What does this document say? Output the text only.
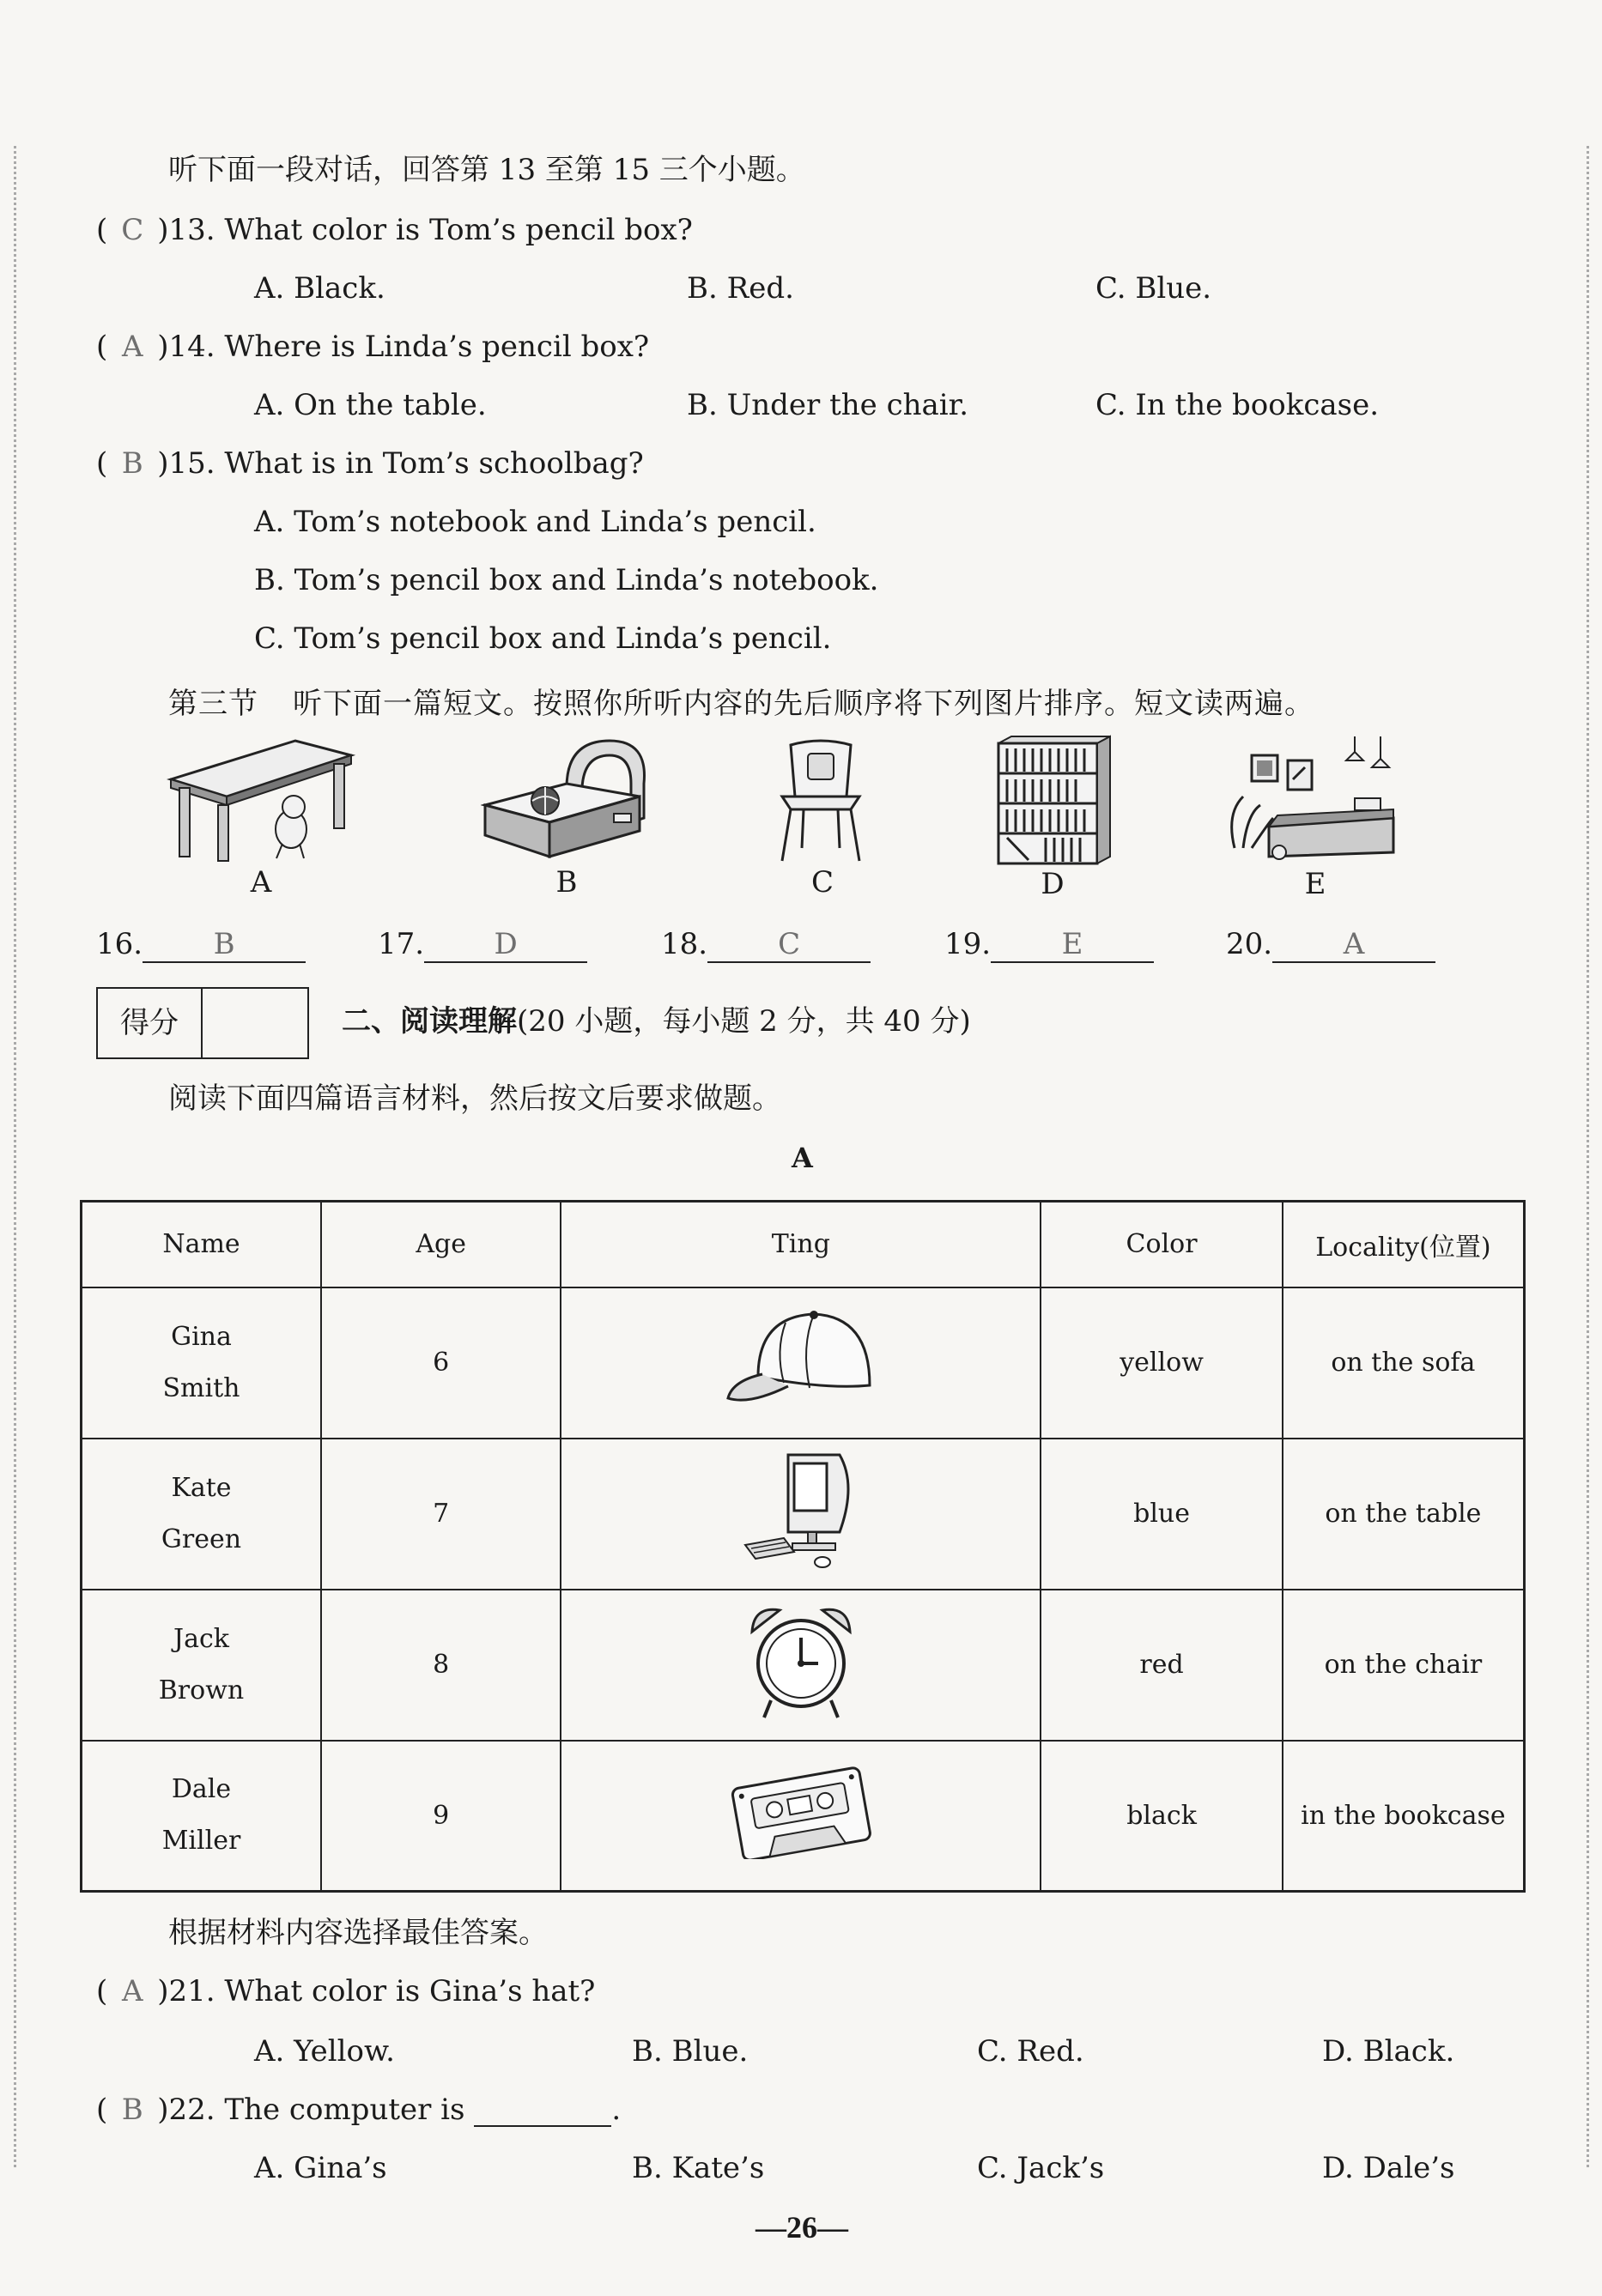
听下面一段对话，回答第 13 至第 15 三个小题。
( C )13. What color is Tom’s pencil box?
A. Black.	B. Red.	C. Blue.
( A )14. Where is Linda’s pencil box?
A. On the table.	B. Under the chair.	C. In the bookcase.
( B )15. What is in Tom’s schoolbag?
A. Tom’s notebook and Linda’s pencil.
B. Tom’s pencil box and Linda’s notebook.
C. Tom’s pencil box and Linda’s pencil.
第三节 听下面一篇短文。按照你所听内容的先后顺序将下列图片排序。短文读两遍。
A	B	C	D	E
16. B	17. D	18. C	19. E	20. A
得分	二、阅读理解(20 小题，每小题 2 分，共 40 分)
阅读下面四篇语言材料，然后按文后要求做题。
A
Name	Age	Ting	Color	Locality(位置)

Gina
Smith	6		yellow	on the sofa

Kate
Green	7		blue	on the table

Jack
Brown	8		red	on the chair

Dale
Miller	9		black	in the bookcase
根据材料内容选择最佳答案。
( A )21. What color is Gina’s hat?
A. Yellow.	B. Blue.	C. Red.	D. Black.
( B )22. The computer is	.
A. Gina’s	B. Kate’s	C. Jack’s	D. Dale’s
—26—
